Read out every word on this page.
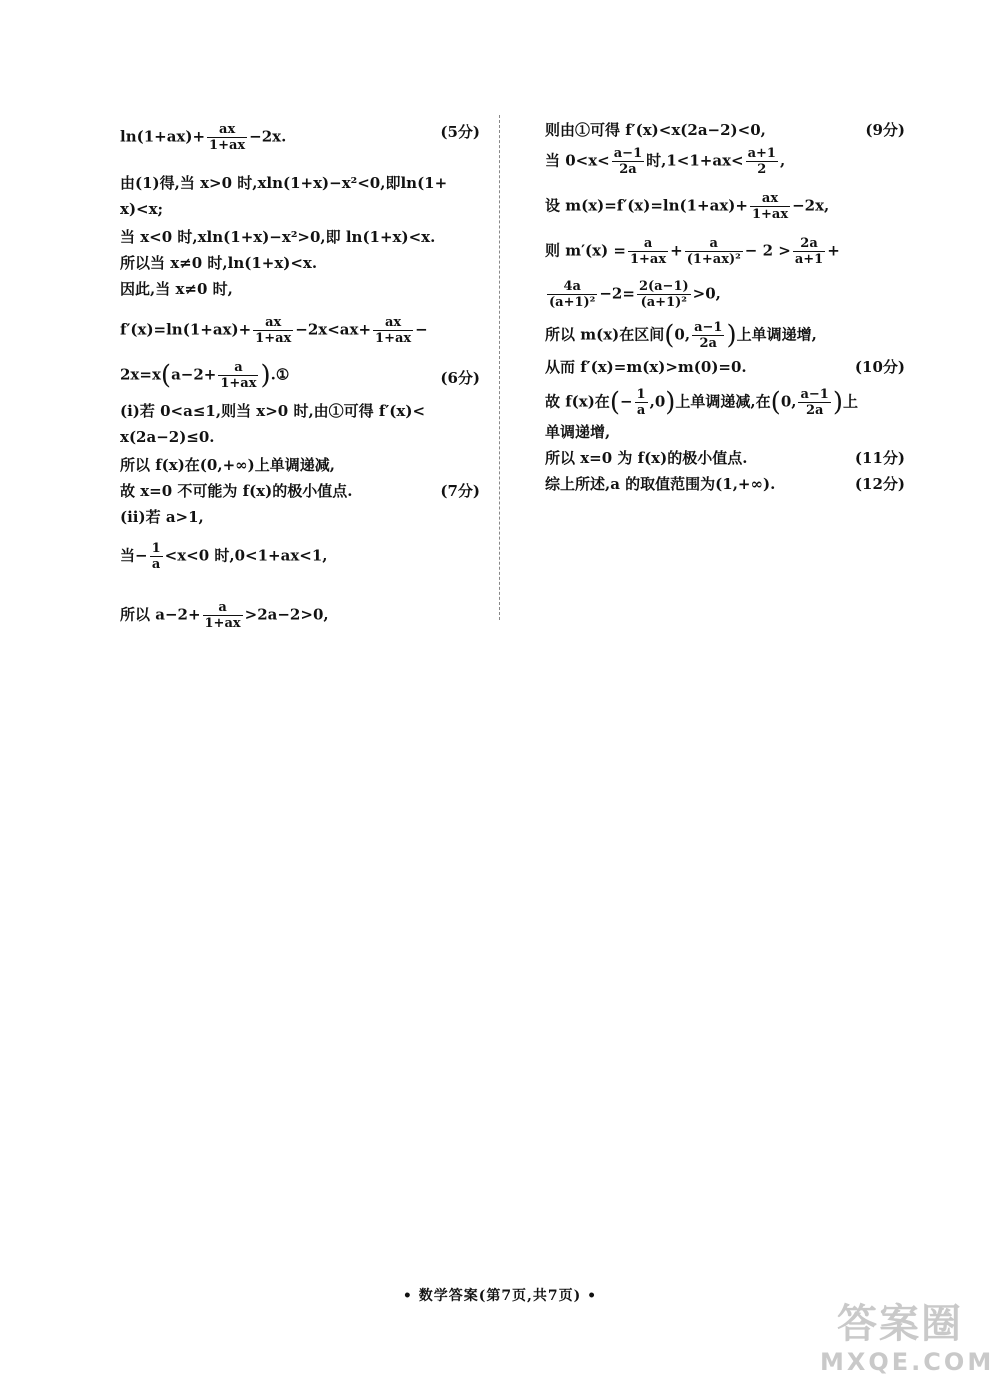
$\ln(1+ax)+ \frac{ax}{1+ax} -2x$.	(5分)
由(1)得,当 x>0 时,xln(1+x)−x²<0,即ln(1+
x)<x;
当 x<0 时,xln(1+x)−x²>0,即 ln(1+x)<x.
所以当 x≠0 时,ln(1+x)<x.
因此,当 x≠0 时,
$f'(x)=\ln(1+ax)+ \frac{ax}{1+ax} -2x<ax+ \frac{ax}{1+ax}$ −
$2x=x(a-2+ \frac{a}{1+ax}$ ).①	(6分)
(i)若 0<a≤1,则当 x>0 时,由①可得 f′(x)<
x(2a−2)≤0.
所以 f(x)在(0,+∞)上单调递减,
故 x=0 不可能为 f(x)的极小值点.	(7分)
(ii)若 a>1,
当− $\frac{1}{a} <x<0$ 时,0<1+ax<1,
所以 $a-2+ \frac{a}{1+ax} >2a-2>0$,
则由①可得 f′(x)<x(2a−2)<0,	(9分)
当 $0<x< \frac{a-1}{2a}$ 时$,1<1+ax< \frac{a+1}{2}$ ,
设 $m(x)=f'(x)=\ln(1+ax)+ \frac{ax}{1+ax} -2x$,
则 $m'(x) = \frac{a}{1+ax} + \frac{a}{\text{(1+ax)²}} - 2 > \frac{2a}{a+1}$ +
$\frac{4a}{\text{(a+1)²}} -2= \frac{2(a-1)}{\text{(a+1)²}} >0$,
所以 m(x)在区间(0, $\frac{a-1}{2a}$ )上单调递增,
从而 f′(x)=m(x)>m(0)=0.	(10分)
故 f(x)在(− $\frac{1}{a} ,0$)上单调递减,在(0, $\frac{a-1}{2a}$ )上
单调递增,
所以 x=0 为 f(x)的极小值点.	(11分)
综上所述,a 的取值范围为(1,+∞).	(12分)
• 数学答案(第7页,共7页) •
答案圈
MXQE.COM
